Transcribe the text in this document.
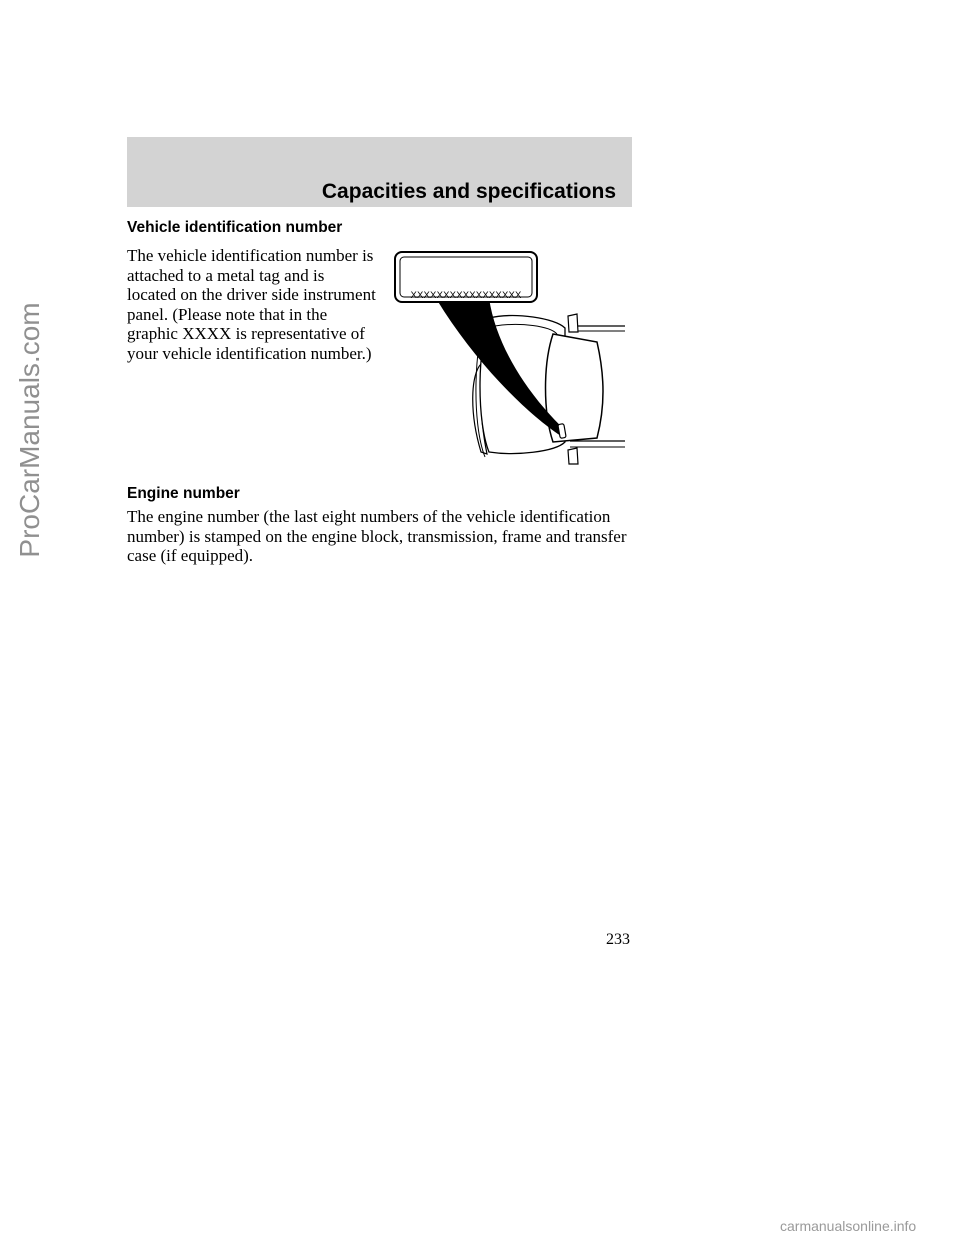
Capacities and specifications
Vehicle identification number

The vehicle identification number is attached to a metal tag and is located on the driver side instrument panel. (Please note that in the graphic XXXX is representative of your vehicle identification number.)

XXXXXXXXXXXXXXXXX
Engine number

The engine number (the last eight numbers of the vehicle identification number) is stamped on the engine block, transmission, frame and transfer case (if equipped).

233
ProCarManuals.com
carmanualsonline.info
